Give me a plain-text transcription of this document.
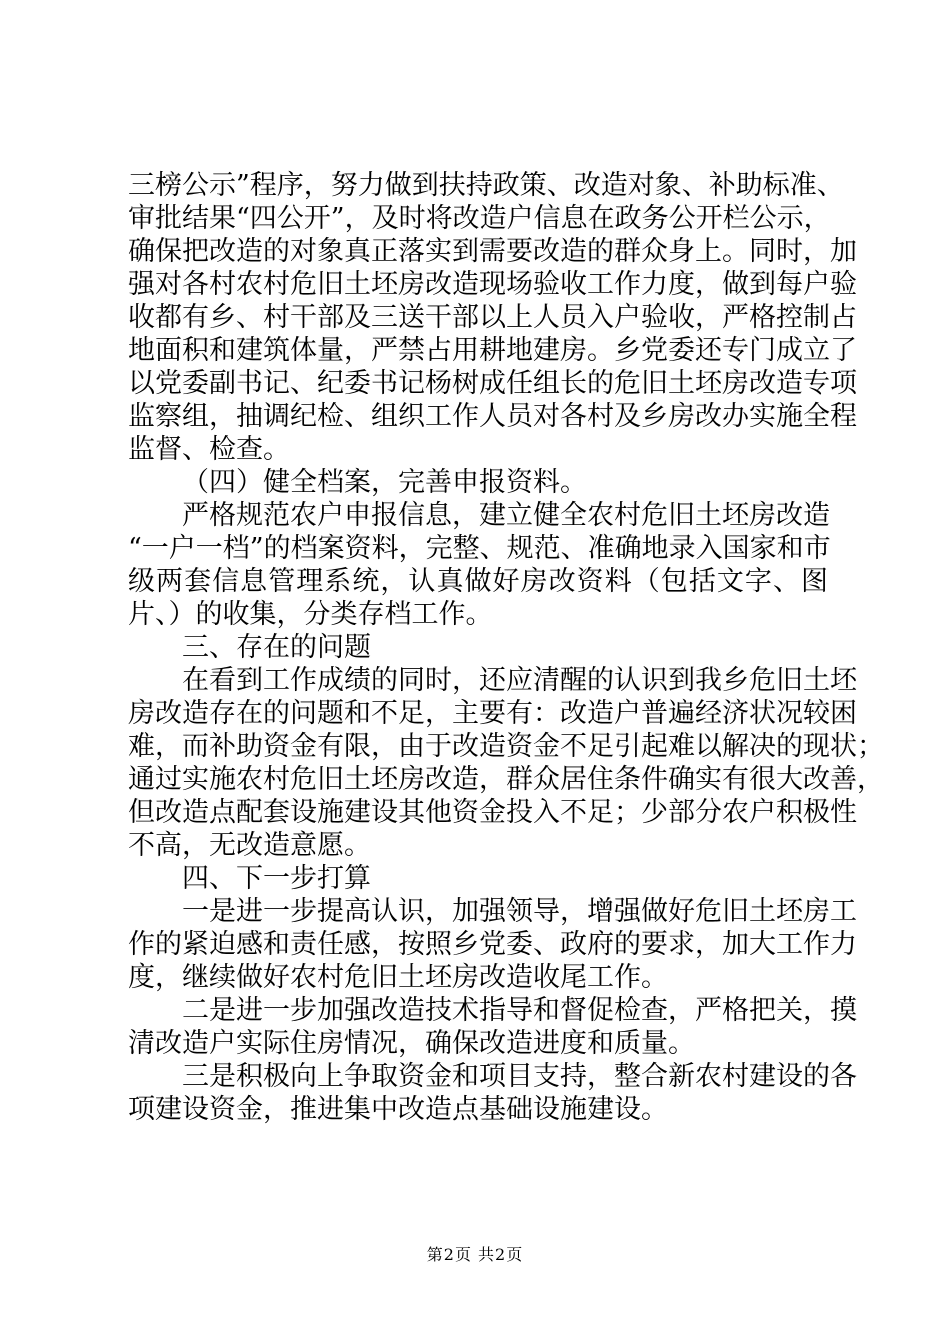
三榜公示”程序，努力做到扶持政策、改造对象、补助标准、
审批结果“四公开”，及时将改造户信息在政务公开栏公示，
确保把改造的对象真正落实到需要改造的群众身上。同时，加
强对各村农村危旧土坯房改造现场验收工作力度，做到每户验
收都有乡、村干部及三送干部以上人员入户验收，严格控制占
地面积和建筑体量，严禁占用耕地建房。乡党委还专门成立了
以党委副书记、纪委书记杨树成任组长的危旧土坯房改造专项
监察组，抽调纪检、组织工作人员对各村及乡房改办实施全程
监督、检查。
（四）健全档案，完善申报资料。
严格规范农户申报信息，建立健全农村危旧土坯房改造
“一户一档”的档案资料，完整、规范、准确地录入国家和市
级两套信息管理系统，认真做好房改资料（包括文字、图
片、）的收集，分类存档工作。
三、存在的问题
在看到工作成绩的同时，还应清醒的认识到我乡危旧土坯
房改造存在的问题和不足，主要有：改造户普遍经济状况较困
难，而补助资金有限，由于改造资金不足引起难以解决的现状；
通过实施农村危旧土坯房改造，群众居住条件确实有很大改善，
但改造点配套设施建设其他资金投入不足；少部分农户积极性
不高，无改造意愿。
四、下一步打算
一是进一步提高认识，加强领导，增强做好危旧土坯房工
作的紧迫感和责任感，按照乡党委、政府的要求，加大工作力
度，继续做好农村危旧土坯房改造收尾工作。
二是进一步加强改造技术指导和督促检查，严格把关，摸
清改造户实际住房情况，确保改造进度和质量。
三是积极向上争取资金和项目支持，整合新农村建设的各
项建设资金，推进集中改造点基础设施建设。
第2页 共2页
